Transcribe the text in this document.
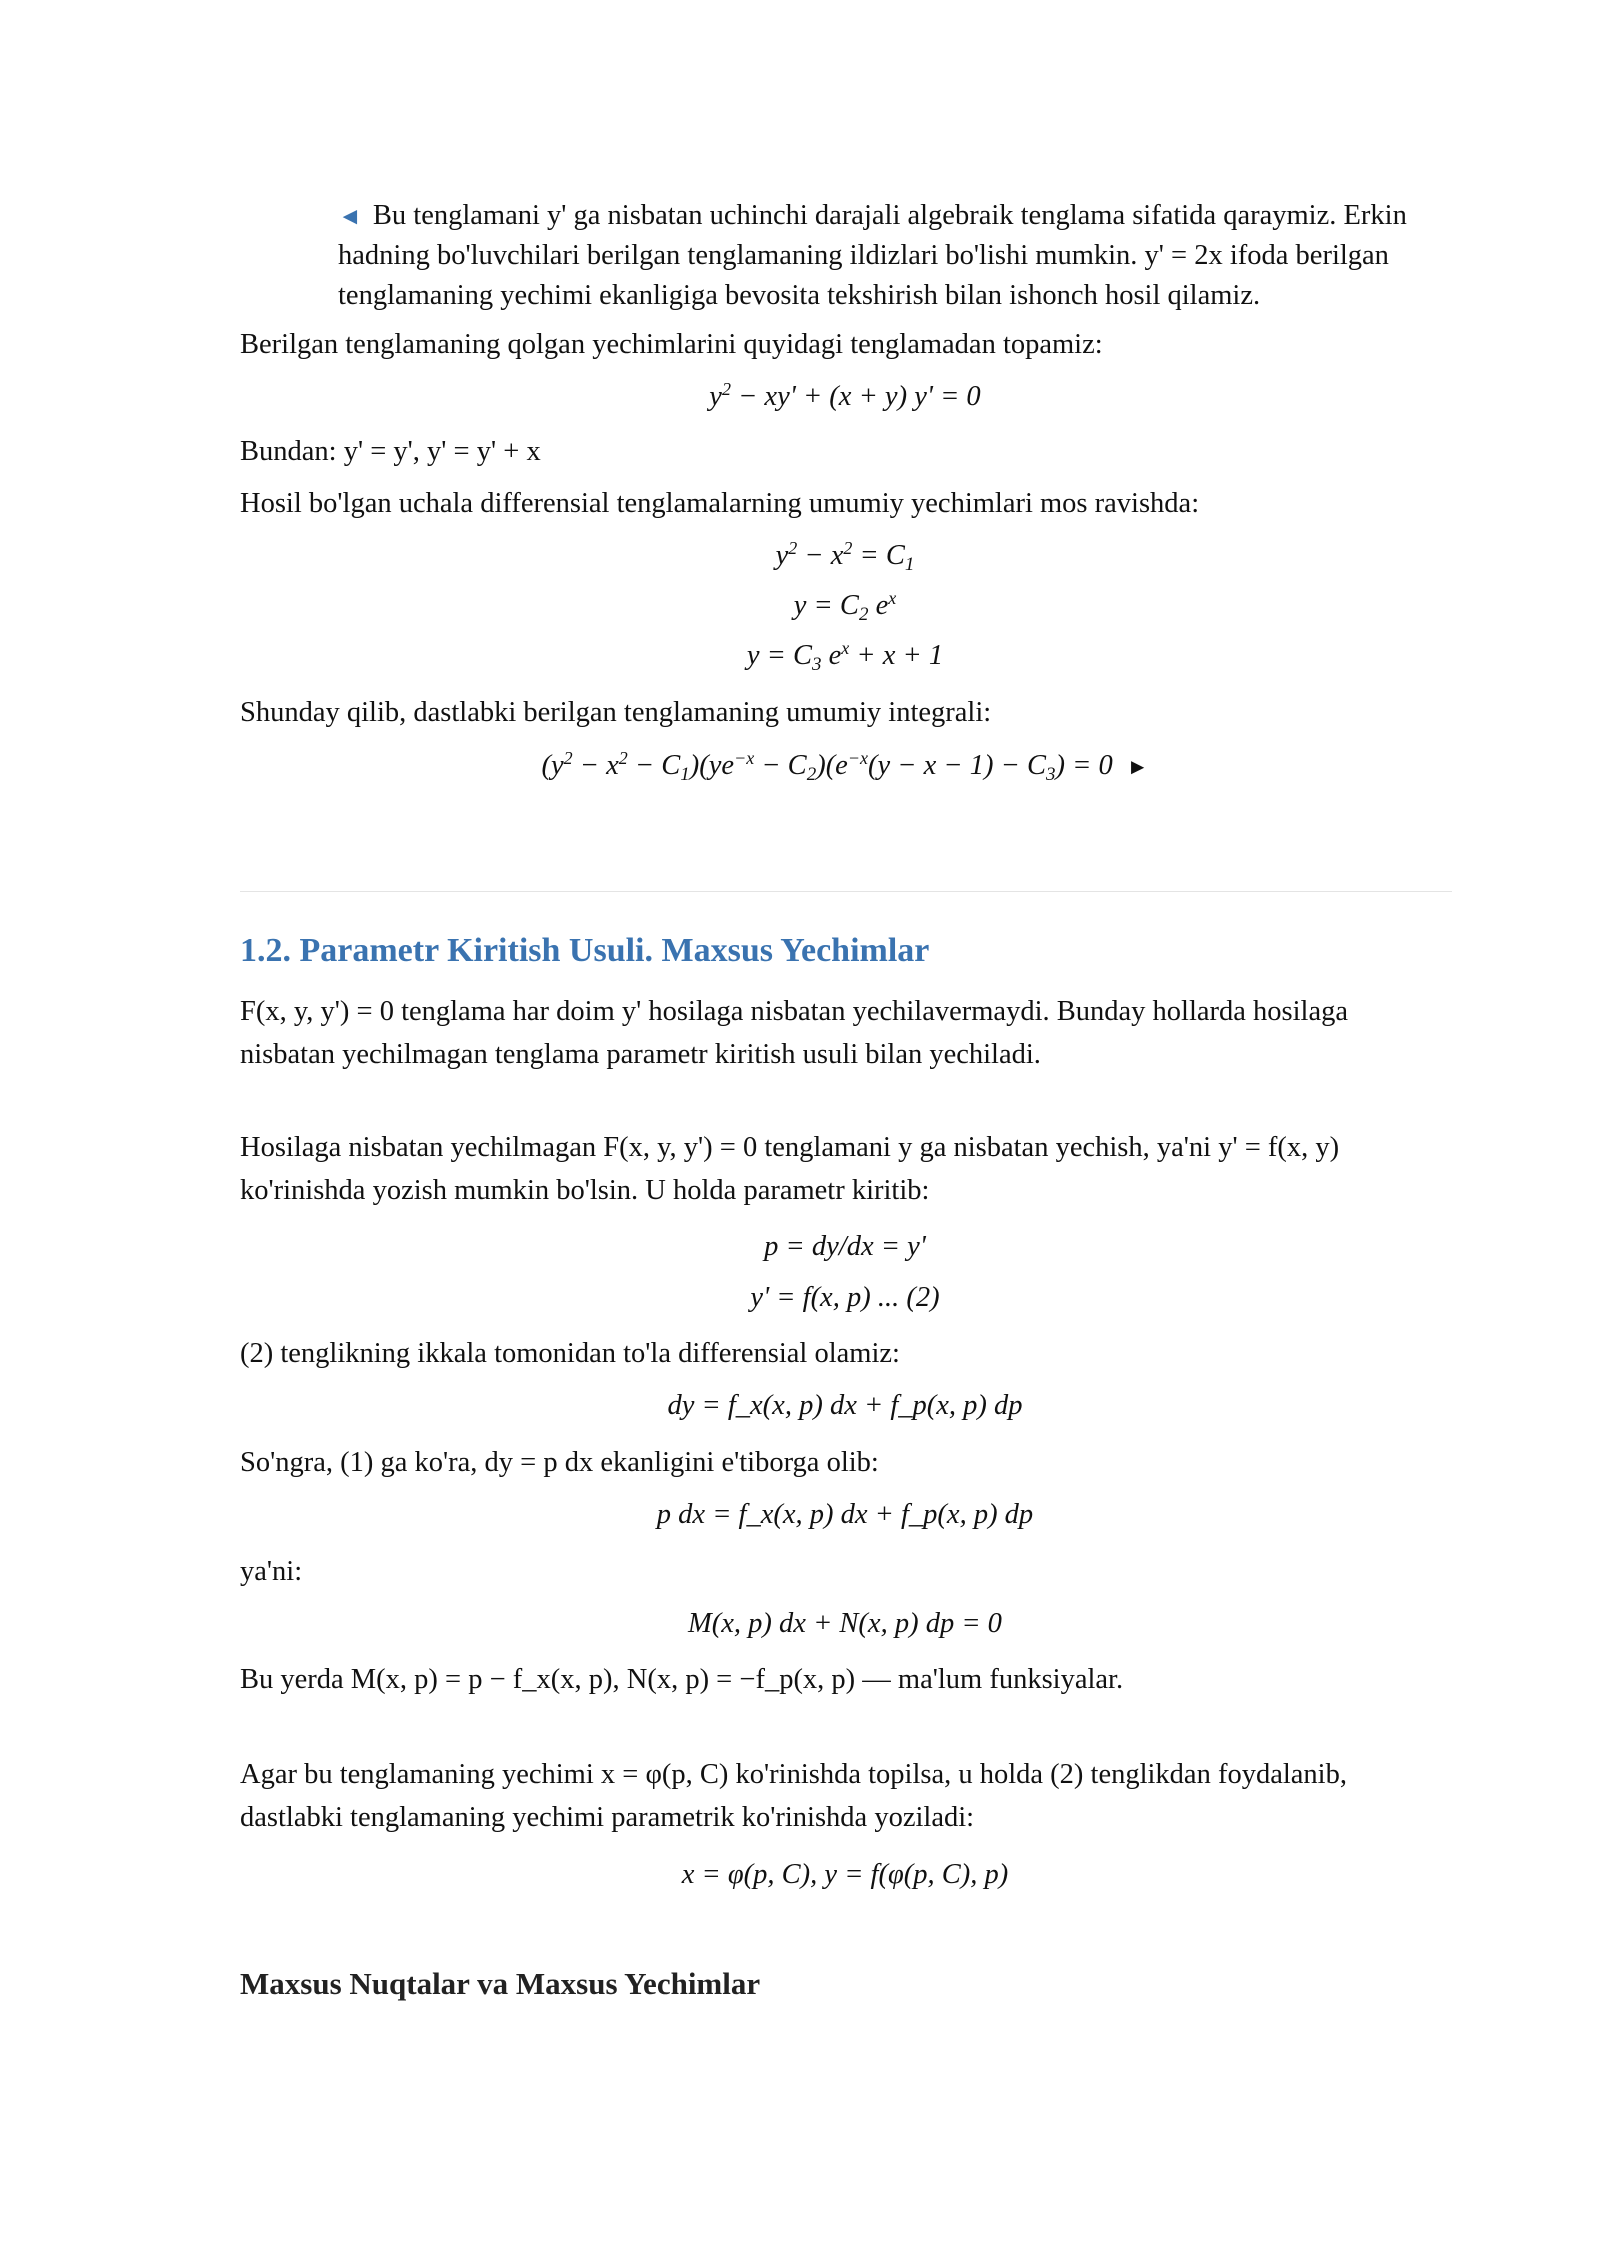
◄ Bu tenglamani y' ga nisbatan uchinchi darajali algebraik tenglama sifatida qaraymiz. Erkin
hadning bo'luvchilari berilgan tenglamaning ildizlari bo'lishi mumkin. y' = 2x ifoda berilgan
tenglamaning yechimi ekanligiga bevosita tekshirish bilan ishonch hosil qilamiz.
Berilgan tenglamaning qolgan yechimlarini quyidagi tenglamadan topamiz:
$y^2 - xy' + (x + y) y' = 0$
Bundan: y' = y', y' = y' + x
Hosil bo'lgan uchala differensial tenglamalarning umumiy yechimlari mos ravishda:
$y^2 - x^2 = C_1$
$y = C_2$ $e^x$
$y = C_3$ $e^x + x + 1$
Shunday qilib, dastlabki berilgan tenglamaning umumiy integrali:
$(y^2 - x^2 - C_1)(ye^{-x} - C_2)(e^{-x}(y - x - 1) - C_3) = 0$ ►
1.2. Parametr Kiritish Usuli. Maxsus Yechimlar
F(x, y, y') = 0 tenglama har doim y' hosilaga nisbatan yechilavermaydi. Bunday hollarda hosilaga
nisbatan yechilmagan tenglama parametr kiritish usuli bilan yechiladi.
Hosilaga nisbatan yechilmagan F(x, y, y') = 0 tenglamani y ga nisbatan yechish, ya'ni y' = f(x, y)
ko'rinishda yozish mumkin bo'lsin. U holda parametr kiritib:
p = dy/dx = y'
y' = f(x, p) ... (2)
(2) tenglikning ikkala tomonidan to'la differensial olamiz:
dy = f_x(x, p) dx + f_p(x, p) dp
So'ngra, (1) ga ko'ra, dy = p dx ekanligini e'tiborga olib:
p dx = f_x(x, p) dx + f_p(x, p) dp
ya'ni:
M(x, p) dx + N(x, p) dp = 0
Bu yerda M(x, p) = p − f_x(x, p), N(x, p) = −f_p(x, p) — ma'lum funksiyalar.
Agar bu tenglamaning yechimi x = φ(p, C) ko'rinishda topilsa, u holda (2) tenglikdan foydalanib,
dastlabki tenglamaning yechimi parametrik ko'rinishda yoziladi:
x = φ(p, C), y = f(φ(p, C), p)
Maxsus Nuqtalar va Maxsus Yechimlar
